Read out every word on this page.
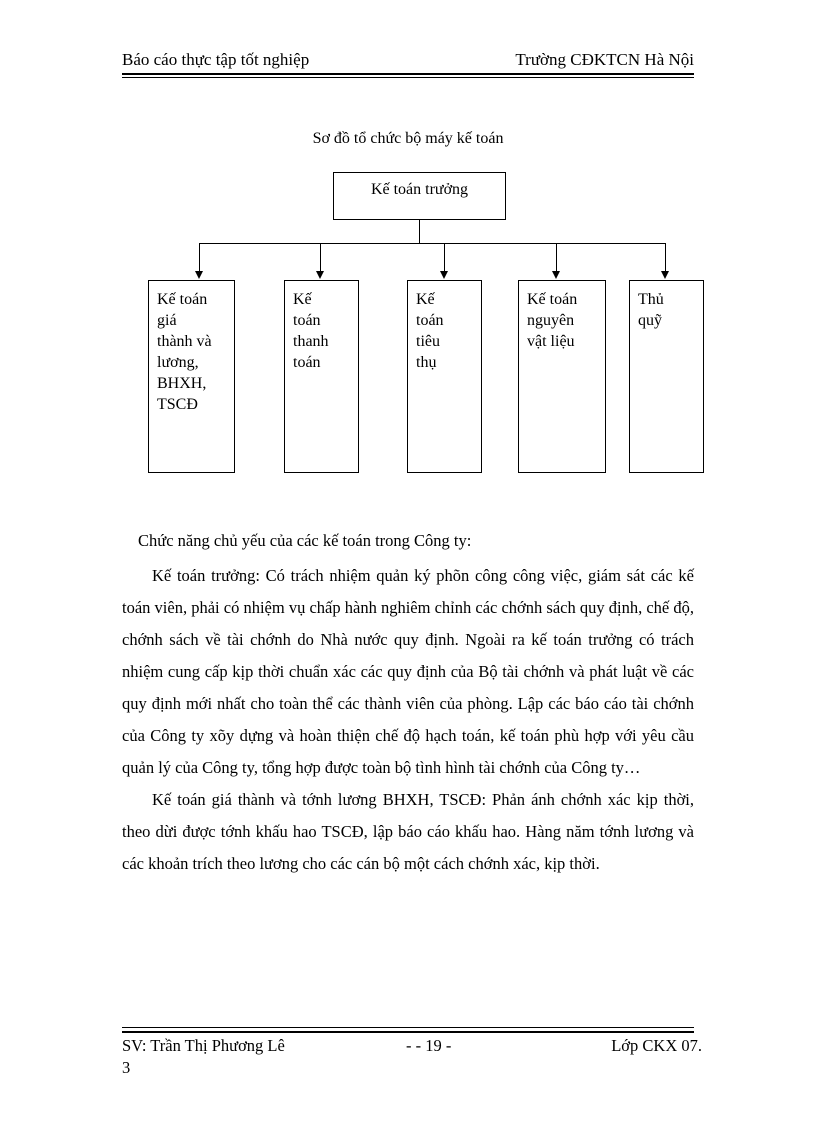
Báo cáo thực tập tốt nghiệp	Trường CĐKTCN Hà Nội
Sơ đồ tổ chức bộ máy kế toán
Kế toán trưởng
Kế toán
giá
thành và
lương,
BHXH,
TSCĐ
Kế
toán
thanh
toán
Kế
toán
tiêu
thụ
Kế toán
nguyên
vật liệu
Thủ
quỹ
Chức năng chủ yếu của các kế toán trong Công ty:

Kế toán trưởng: Có trách nhiệm quản ký phõn công công việc, giám sát các kế toán viên, phải có nhiệm vụ chấp hành nghiêm chỉnh các chớnh sách quy định, chế độ, chớnh sách về tài chớnh do Nhà nước quy định. Ngoài ra kế toán trưởng có trách nhiệm cung cấp kịp thời chuẩn xác các quy định của Bộ tài chớnh và phát luật về các quy định mới nhất cho toàn thể các thành viên của phòng. Lập các báo cáo tài chớnh của Công ty xõy dựng và hoàn thiện chế độ hạch toán, kế toán phù hợp với yêu cầu quản lý của Công ty, tổng hợp được toàn bộ tình hình tài chớnh của Công ty…

Kế toán giá thành và tớnh lương BHXH, TSCĐ: Phản ánh chớnh xác kịp thời, theo dừi được tớnh khấu hao TSCĐ, lập báo cáo khấu hao. Hàng năm tớnh lương và các khoản trích theo lương cho các cán bộ một cách chớnh xác, kịp thời.

SV: Trần Thị Phương Lê	- - 19 -	Lớp CKX 07.
3
